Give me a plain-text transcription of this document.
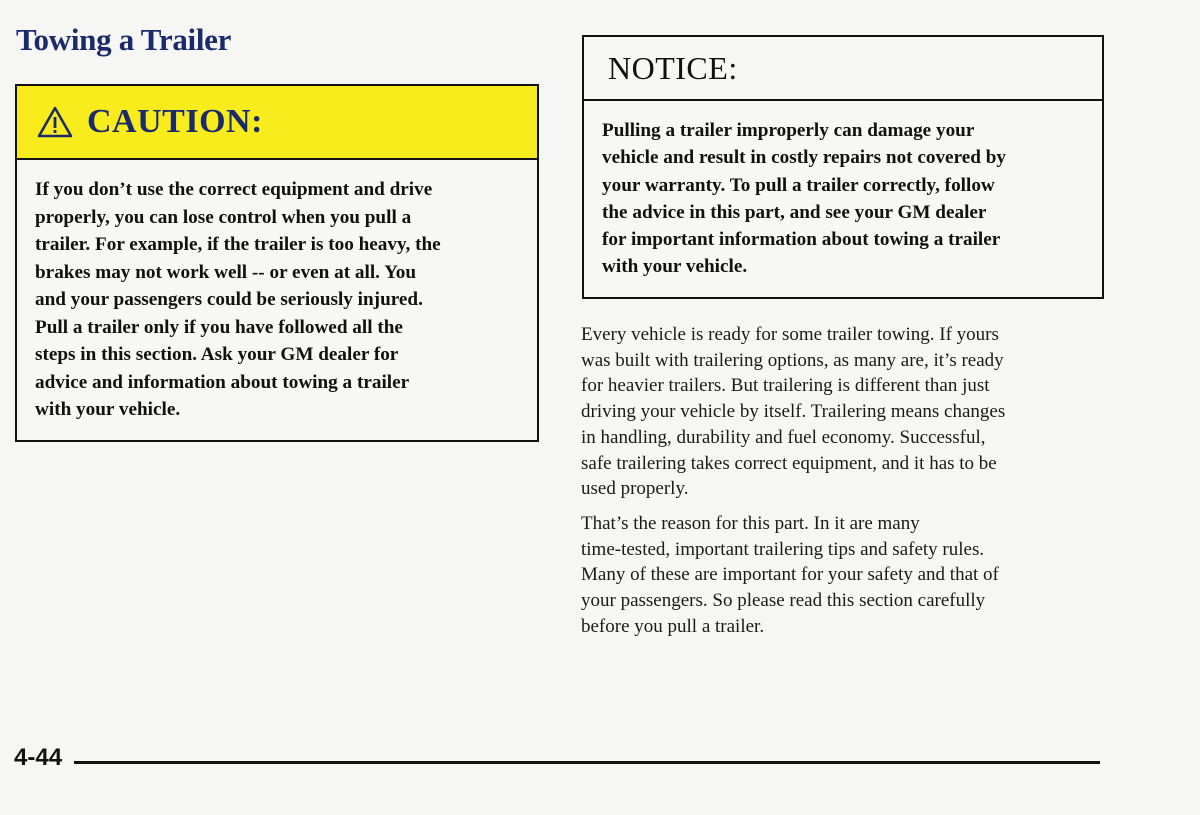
Towing a Trailer
CAUTION:
If you don’t use the correct equipment and drive
properly, you can lose control when you pull a
trailer. For example, if the trailer is too heavy, the
brakes may not work well -- or even at all. You
and your passengers could be seriously injured.
Pull a trailer only if you have followed all the
steps in this section. Ask your GM dealer for
advice and information about towing a trailer
with your vehicle.
NOTICE:
Pulling a trailer improperly can damage your
vehicle and result in costly repairs not covered by
your warranty. To pull a trailer correctly, follow
the advice in this part, and see your GM dealer
for important information about towing a trailer
with your vehicle.
Every vehicle is ready for some trailer towing. If yours
was built with trailering options, as many are, it’s ready
for heavier trailers. But trailering is different than just
driving your vehicle by itself. Trailering means changes
in handling, durability and fuel economy. Successful,
safe trailering takes correct equipment, and it has to be
used properly.
That’s the reason for this part. In it are many
time-tested, important trailering tips and safety rules.
Many of these are important for your safety and that of
your passengers. So please read this section carefully
before you pull a trailer.
4-44
